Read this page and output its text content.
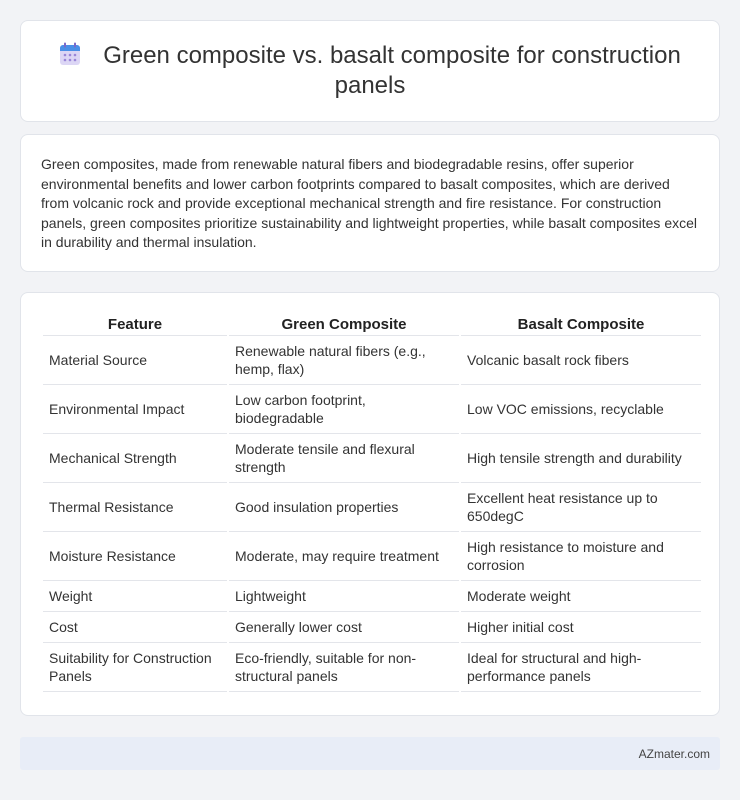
Green composite vs. basalt composite for construction panels

Green composites, made from renewable natural fibers and biodegradable resins, offer superior environmental benefits and lower carbon footprints compared to basalt composites, which are derived from volcanic rock and provide exceptional mechanical strength and fire resistance. For construction panels, green composites prioritize sustainability and lightweight properties, while basalt composites excel in durability and thermal insulation.

Feature	Green Composite	Basalt Composite
Material Source	Renewable natural fibers (e.g., hemp, flax)	Volcanic basalt rock fibers
Environmental Impact	Low carbon footprint, biodegradable	Low VOC emissions, recyclable
Mechanical Strength	Moderate tensile and flexural strength	High tensile strength and durability
Thermal Resistance	Good insulation properties	Excellent heat resistance up to 650degC
Moisture Resistance	Moderate, may require treatment	High resistance to moisture and corrosion
Weight	Lightweight	Moderate weight
Cost	Generally lower cost	Higher initial cost
Suitability for Construction Panels	Eco-friendly, suitable for non-structural panels	Ideal for structural and high-performance panels
AZmater.com
